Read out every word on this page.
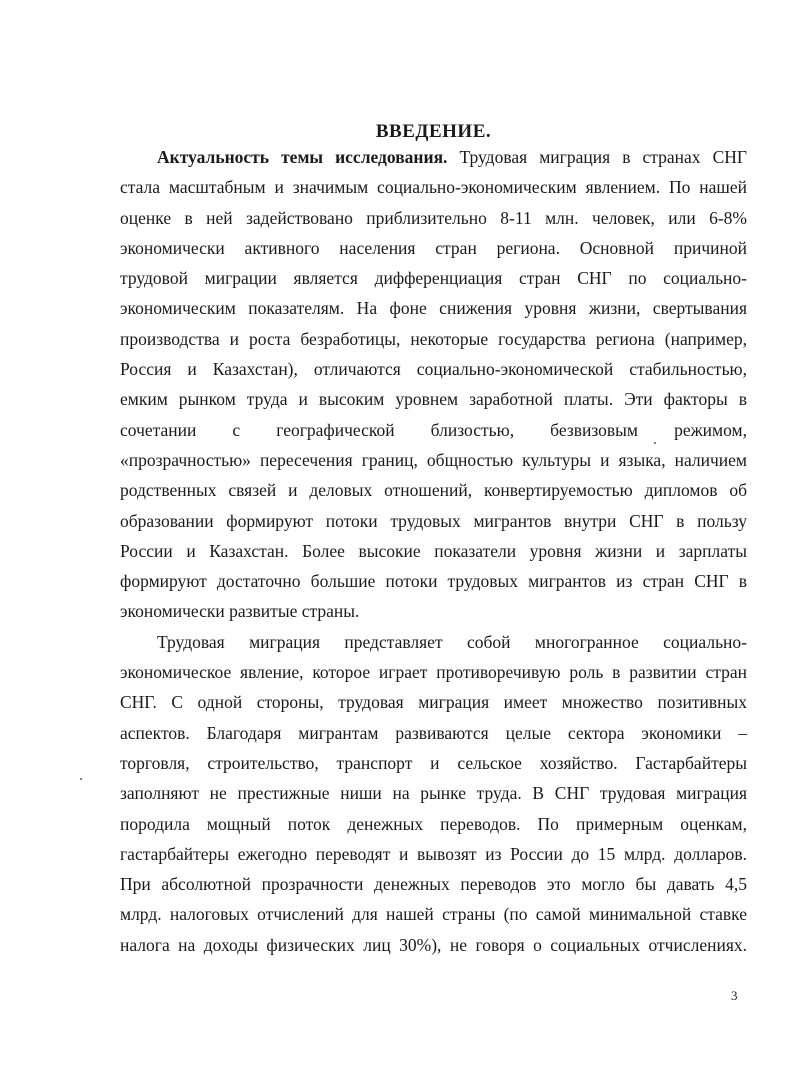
ВВЕДЕНИЕ.
Актуальность темы исследования. Трудовая миграция в странах СНГ
стала масштабным и значимым социально-экономическим явлением. По нашей
оценке в ней задействовано приблизительно 8-11 млн. человек, или 6-8%
экономически активного населения стран региона. Основной причиной
трудовой миграции является дифференциация стран СНГ по социально-
экономическим показателям. На фоне снижения уровня жизни, свертывания
производства и роста безработицы, некоторые государства региона (например,
Россия и Казахстан), отличаются социально-экономической стабильностью,
емким рынком труда и высоким уровнем заработной платы. Эти факторы в
сочетании с географической близостью, безвизовым режимом,
«прозрачностью» пересечения границ, общностью культуры и языка, наличием
родственных связей и деловых отношений, конвертируемостью дипломов об
образовании формируют потоки трудовых мигрантов внутри СНГ в пользу
России и Казахстан. Более высокие показатели уровня жизни и зарплаты
формируют достаточно большие потоки трудовых мигрантов из стран СНГ в
экономически развитые страны.
Трудовая миграция представляет собой многогранное социально-
экономическое явление, которое играет противоречивую роль в развитии стран
СНГ. С одной стороны, трудовая миграция имеет множество позитивных
аспектов. Благодаря мигрантам развиваются целые сектора экономики –
торговля, строительство, транспорт и сельское хозяйство. Гастарбайтеры
заполняют не престижные ниши на рынке труда. В СНГ трудовая миграция
породила мощный поток денежных переводов. По примерным оценкам,
гастарбайтеры ежегодно переводят и вывозят из России до 15 млрд. долларов.
При абсолютной прозрачности денежных переводов это могло бы давать 4,5
млрд. налоговых отчислений для нашей страны (по самой минимальной ставке
налога на доходы физических лиц 30%), не говоря о социальных отчислениях.
3
